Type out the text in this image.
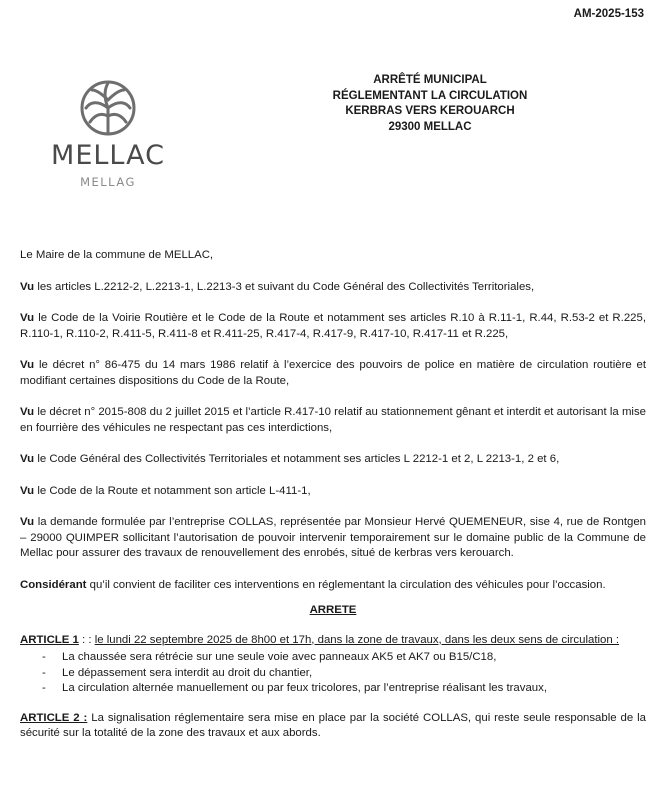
AM-2025-153
MELLAC
MELLAG
ARRÊTÉ MUNICIPAL
RÉGLEMENTANT LA CIRCULATION
KERBRAS VERS KEROUARCH
29300 MELLAC

Le Maire de la commune de MELLAC,

Vu les articles L.2212-2, L.2213-1, L.2213-3 et suivant du Code Général des Collectivités Territoriales,

Vu le Code de la Voirie Routière et le Code de la Route et notamment ses articles R.10 à R.11-1, R.44, R.53-2 et R.225, R.110-1, R.110-2, R.411-5, R.411-8 et R.411-25, R.417-4, R.417-9, R.417-10, R.417-11 et R.225,

Vu le décret n° 86-475 du 14 mars 1986 relatif à l’exercice des pouvoirs de police en matière de circulation routière et modifiant certaines dispositions du Code de la Route,

Vu le décret n° 2015-808 du 2 juillet 2015 et l’article R.417-10 relatif au stationnement gênant et interdit et autorisant la mise en fourrière des véhicules ne respectant pas ces interdictions,

Vu le Code Général des Collectivités Territoriales et notamment ses articles L 2212-1 et 2, L 2213-1, 2 et 6,

Vu le Code de la Route et notamment son article L-411-1,

Vu la demande formulée par l’entreprise COLLAS, représentée par Monsieur Hervé QUEMENEUR, sise 4, rue de Rontgen – 29000 QUIMPER sollicitant l’autorisation de pouvoir intervenir temporairement sur le domaine public de la Commune de Mellac pour assurer des travaux de renouvellement des enrobés, situé de kerbras vers kerouarch.

Considérant qu’il convient de faciliter ces interventions en réglementant la circulation des véhicules pour l’occasion.

ARRETE
ARTICLE 1 : : le lundi 22 septembre 2025 de 8h00 et 17h, dans la zone de travaux, dans les deux sens de circulation :
- La chaussée sera rétrécie sur une seule voie avec panneaux AK5 et AK7 ou B15/C18,
- Le dépassement sera interdit au droit du chantier,
- La circulation alternée manuellement ou par feux tricolores, par l’entreprise réalisant les travaux,

ARTICLE 2 : La signalisation réglementaire sera mise en place par la société COLLAS, qui reste seule responsable de la sécurité sur la totalité de la zone des travaux et aux abords.
